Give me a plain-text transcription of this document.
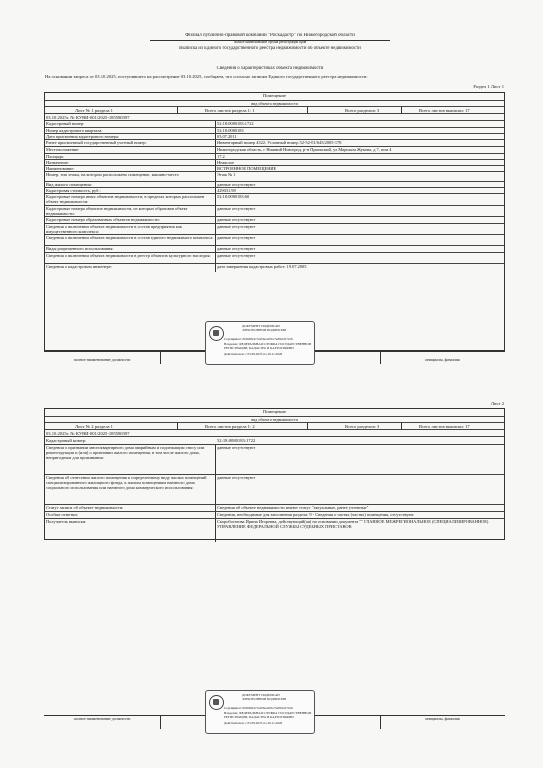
Филиал публично-правовой компании "Роскадастр" по Нижегородской области
полное наименование органа регистрации прав
Выписка из Единого государственного реестра недвижимости об объекте недвижимости
Сведения о характеристиках объекта недвижимости
На основании запроса от 03.10.2025, поступившего на рассмотрение 03.10.2025, сообщаем, что согласно записям Единого государственного реестра недвижимости:
Раздел 1 Лист 1
Помещение
вид объекта недвижимости
Лист № 1 раздела 1	Всего листов раздела 1: 1	Всего разделов: 3	Всего листов выписки: 17
03.10.2025г. № КУВИ-001/2025-185580397
Кадастровый номер:	52:18:0080183:1722
Номер кадастрового квартала:	52:18:0080183
Дата присвоения кадастрового номера:	05.07.2011
Ранее присвоенный государственный учетный номер:	Инвентарный номер 4322; Условный номер 52-52-01/645/2005-178
Местоположение:	Нижегородская область, г Нижний Новгород, р-н Приокский, ул Маршала Жукова, д 7, пом 4
Площадь:	17.2
Назначение:	Нежилое
Наименование:	ВСТРОЕННОЕ ПОМЕЩЕНИЕ
Номер, тип этажа, на котором расположено помещение, машино-место	Этаж № 1
Вид жилого помещения:	данные отсутствуют
Кадастровая стоимость, руб.:	429031.98
Кадастровые номера иных объектов недвижимости, в пределах которых расположен объект недвижимости:
52:18:0080183:60
Кадастровые номера объектов недвижимости, из которых образован объект недвижимости:
данные отсутствуют
Кадастровые номера образованных объектов недвижимости:	данные отсутствуют
Сведения о включении объекта недвижимости в состав предприятия как имущественного комплекса:
данные отсутствуют
Сведения о включении объекта недвижимости в состав единого недвижимого комплекса: данные отсутствуют
Виды разрешенного использования:	данные отсутствуют
Сведения о включении объекта недвижимости в реестр объектов культурного наследия:	данные отсутствуют
Сведения о кадастровом инженере:	дата завершения кадастровых работ: 19.07.2005
полное наименование должности	инициалы, фамилия
ДОКУМЕНТ ПОДПИСАН
ЭЛЕКТРОННОЙ ПОДПИСЬЮ
Сертификат: 00f0d8a3c7e2b6a41f9cc3e8b2d17a56
Владелец: ФЕДЕРАЛЬНАЯ СЛУЖБА ГОСУДАРСТВЕННОЙ
РЕГИСТРАЦИИ, КАДАСТРА И КАРТОГРАФИИ
Действителен: с 05.09.2025 по 29.11.2026
Лист 2
Помещение
вид объекта недвижимости
Лист № 2 раздела 1	Всего листов раздела 1: 2	Всего разделов: 3	Всего листов выписки: 17
03.10.2025г. № КУВИ-001/2025-185580397
Кадастровый номер:	52:18:0080183:1722
Сведения о признании многоквартирного дома аварийным и подлежащим сносу или реконструкции и (или) о признании жилого помещения, в том числе жилого дома, непригодным для проживания:
данные отсутствуют
Сведения об отнесении жилого помещения к определенному виду жилых помещений специализированного жилищного фонда, к жилым помещениям наемного дома социального использования или наемного дома коммерческого использования:
данные отсутствуют
Статус записи об объекте недвижимости:	Сведения об объекте недвижимости имеют статус "актуальные, ранее учтенные"
Особые отметки:	Сведения, необходимые для заполнения раздела: 9 - Сведения о частях (частях) помещения, отсутствуют.
Получатель выписки:	Скоробогатова Ирина Игоревна, действующий(ая) на основании документа "" ГЛАВНОЕ МЕЖРЕГИОНАЛЬНОЕ (СПЕЦИАЛИЗИРОВАННОЕ) УПРАВЛЕНИЕ ФЕДЕРАЛЬНОЙ СЛУЖБЫ СУДЕБНЫХ ПРИСТАВОВ
полное наименование должности	инициалы, фамилия
ДОКУМЕНТ ПОДПИСАН
ЭЛЕКТРОННОЙ ПОДПИСЬЮ
Сертификат: 00f0d8a3c7e2b6a41f9cc3e8b2d17a56
Владелец: ФЕДЕРАЛЬНАЯ СЛУЖБА ГОСУДАРСТВЕННОЙ
РЕГИСТРАЦИИ, КАДАСТРА И КАРТОГРАФИИ
Действителен: с 05.09.2025 по 29.11.2026
